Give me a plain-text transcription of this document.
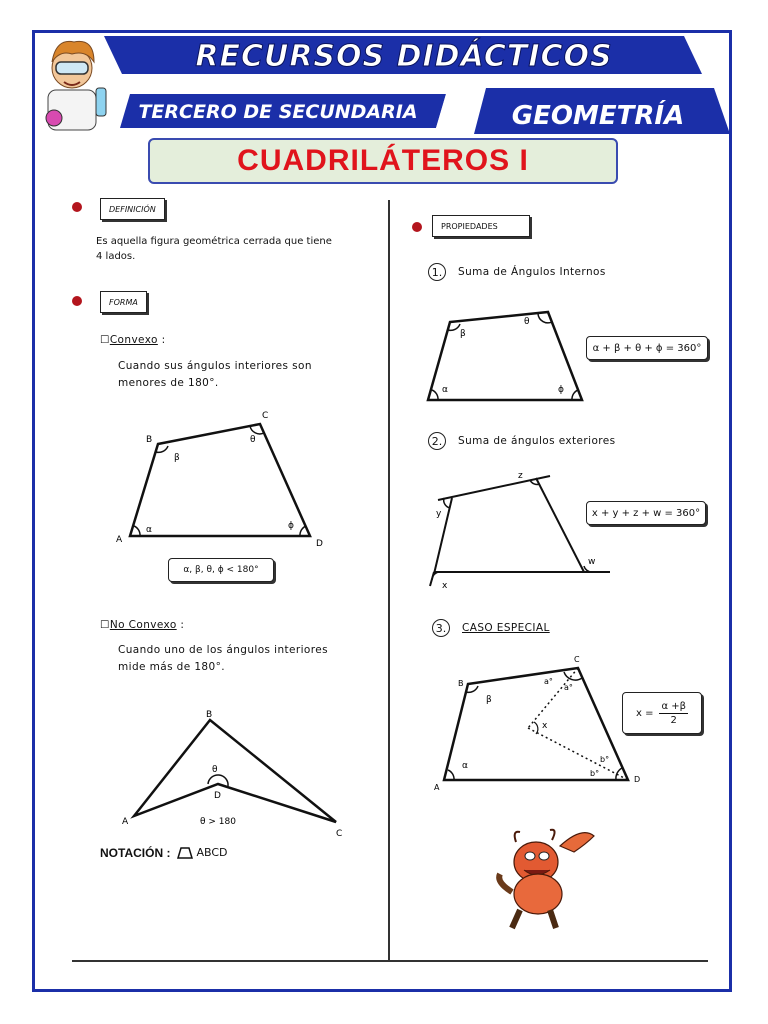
RECURSOS DIDÁCTICOS
TERCERO DE SECUNDARIA	GEOMETRÍA
CUADRILÁTEROS I
DEFINICIÓN
Es aquella figura geométrica cerrada que tiene
4 lados.
FORMA
☐Convexo :
Cuando sus ángulos interiores son
menores de 180°.
A
B
C
D
α
β
θ
ϕ
α, β, θ, ϕ < 180°
☐No Convexo :
Cuando uno de los ángulos interiores
mide más de 180°.
A
B
C
D
θ
θ > 180
NOTACIÓN : ABCD
PROPIEDADES
1.	Suma de Ángulos Internos
α
β
θ
ϕ
α + β + θ + ϕ = 360°
2.	Suma de ángulos exteriores
x
y
z
w
x + y + z + w = 360°
3.	CASO ESPECIAL
A
B
C
D
α
β
a°
a°
b°
b°
x
$x = \frac{\alpha +\beta}{2}$
